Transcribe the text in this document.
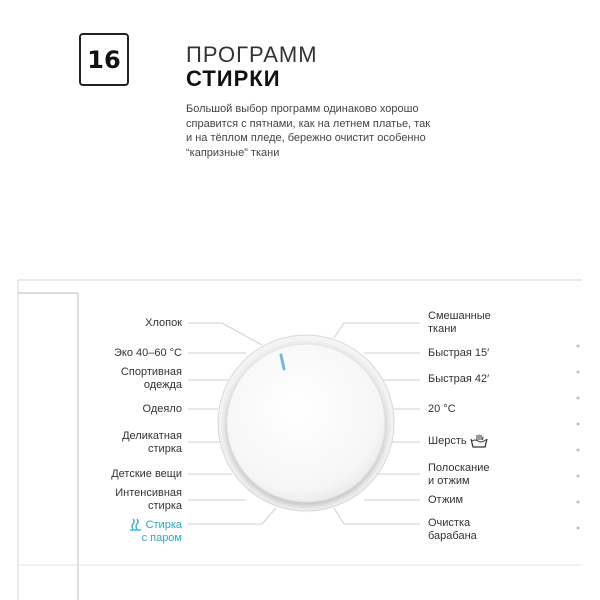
16	ПРОГРАММ
СТИРКИ
Большой выбор программ одинаково хорошо справится с пятнами, как на летнем платье, так и на тёплом пледе, бережно очистит особенно “капризные” ткани
Хлопок
Эко 40–60 °С
Спортивная
одежда
Одеяло
Деликатная
стирка
Детские вещи
Интенсивная
стирка
Стирка
с паром
Смешанные
ткани
Быстрая 15′
Быстрая 42′
20 °С
Шерсть
Полоскание
и отжим
Отжим
Очистка
барабана
